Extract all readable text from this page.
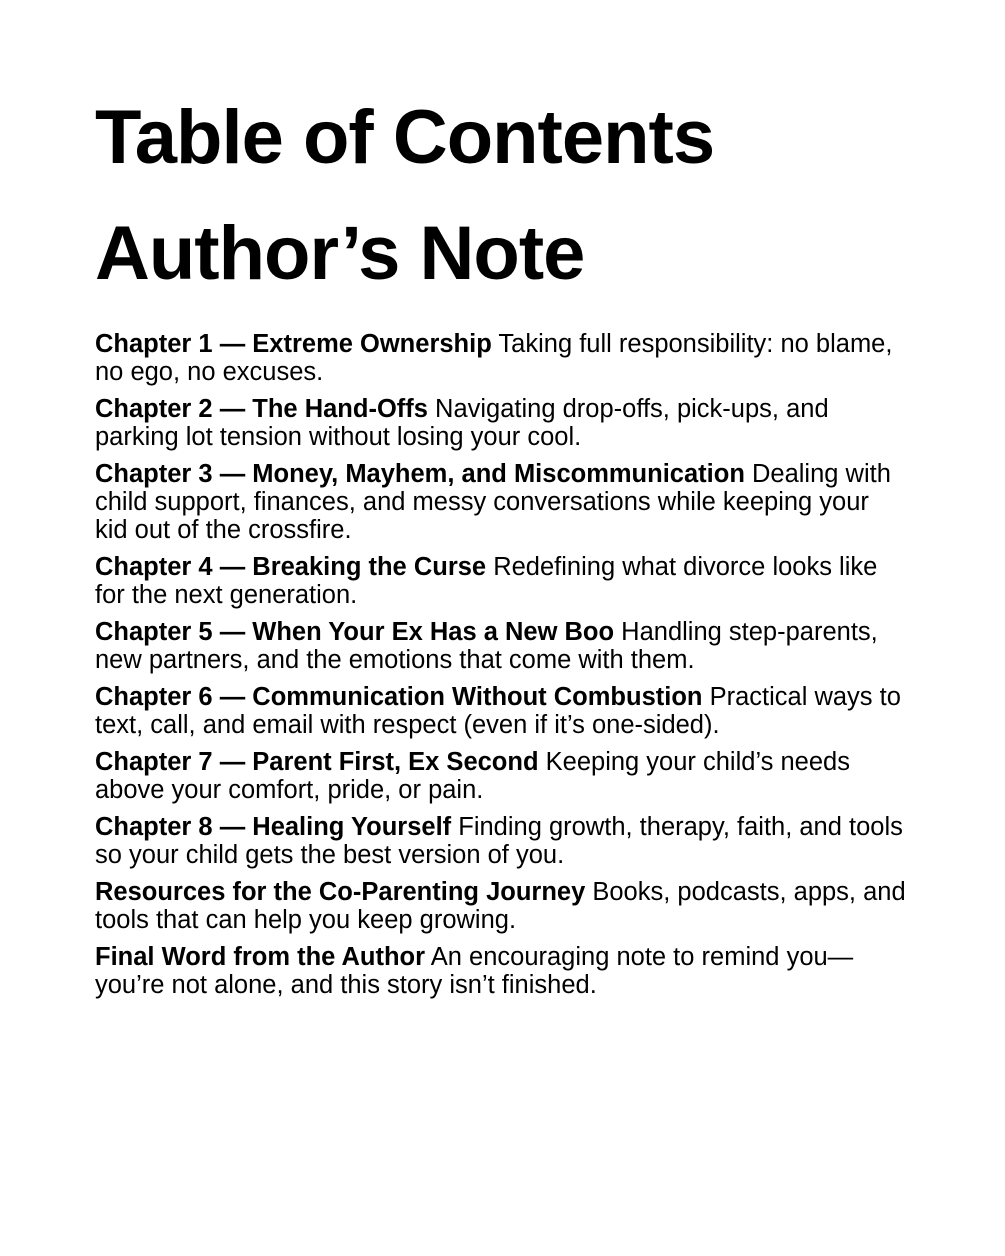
Table of Contents
Author’s Note
Chapter 1 — Extreme Ownership Taking full responsibility: no blame, no ego, no excuses.
Chapter 2 — The Hand-Offs Navigating drop-offs, pick-ups, and parking lot tension without losing your cool.
Chapter 3 — Money, Mayhem, and Miscommunication Dealing with child support, finances, and messy conversations while keeping your kid out of the crossfire.
Chapter 4 — Breaking the Curse Redefining what divorce looks like for the next generation.
Chapter 5 — When Your Ex Has a New Boo Handling step-parents, new partners, and the emotions that come with them.
Chapter 6 — Communication Without Combustion Practical ways to text, call, and email with respect (even if it’s one-sided).
Chapter 7 — Parent First, Ex Second Keeping your child’s needs above your comfort, pride, or pain.
Chapter 8 — Healing Yourself Finding growth, therapy, faith, and tools so your child gets the best version of you.
Resources for the Co-Parenting Journey Books, podcasts, apps, and tools that can help you keep growing.
Final Word from the Author An encouraging note to remind you—you’re not alone, and this story isn’t finished.
